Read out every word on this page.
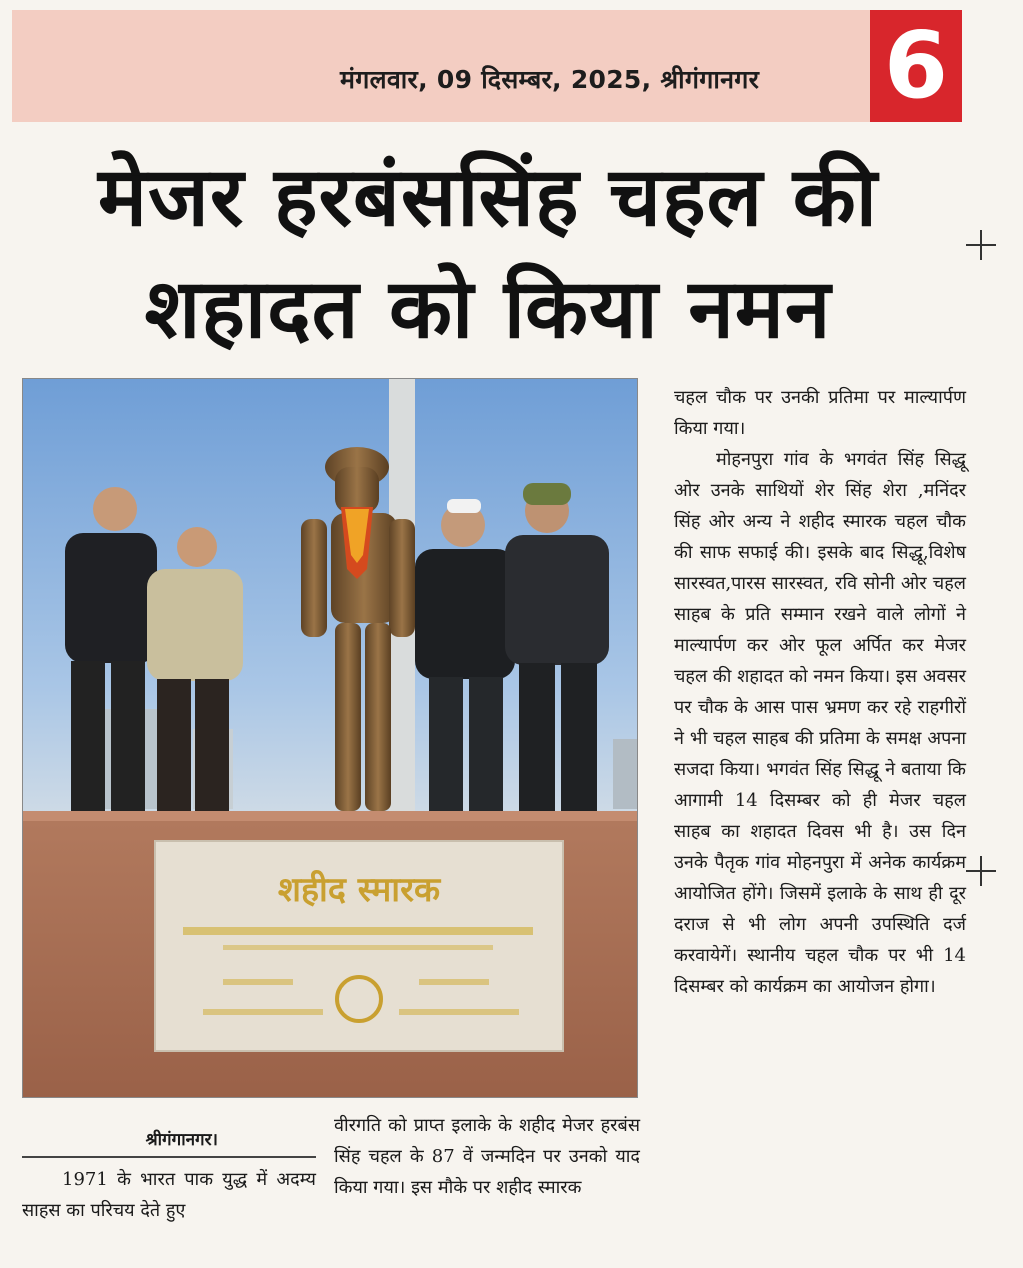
मंगलवार, 09 दिसम्बर, 2025, श्रीगंगानगर	6
मेजर हरबंससिंह चहल की
शहादत को किया नमन
शहीद स्मारक

चहल चौक पर उनकी प्रतिमा पर माल्यार्पण किया गया।

मोहनपुरा गांव के भगवंत सिंह सिद्धू ओर उनके साथियों शेर सिंह शेरा ,मनिंदर सिंह ओर अन्य ने शहीद स्मारक चहल चौक की साफ सफाई की। इसके बाद सिद्धू,विशेष सारस्वत,पारस सारस्वत, रवि सोनी ओर चहल साहब के प्रति सम्मान रखने वाले लोगों ने माल्यार्पण कर ओर फूल अर्पित कर मेजर चहल की शहादत को नमन किया। इस अवसर पर चौक के आस पास भ्रमण कर रहे राहगीरों ने भी चहल साहब की प्रतिमा के समक्ष अपना सजदा किया। भगवंत सिंह सिद्धू ने बताया कि आगामी 14 दिसम्बर को ही मेजर चहल साहब का शहादत दिवस भी है। उस दिन उनके पैतृक गांव मोहनपुरा में अनेक कार्यक्रम आयोजित होंगे। जिसमें इलाके के साथ ही दूर दराज से भी लोग अपनी उपस्थिति दर्ज करवायेगें। स्थानीय चहल चौक पर भी 14 दिसम्बर को कार्यक्रम का आयोजन होगा।

श्रीगंगानगर।
1971 के भारत पाक युद्ध में अदम्य साहस का परिचय देते हुए
वीरगति को प्राप्त इलाके के शहीद मेजर हरबंस सिंह चहल के 87 वें जन्मदिन पर उनको याद किया गया। इस मौके पर शहीद स्मारक
